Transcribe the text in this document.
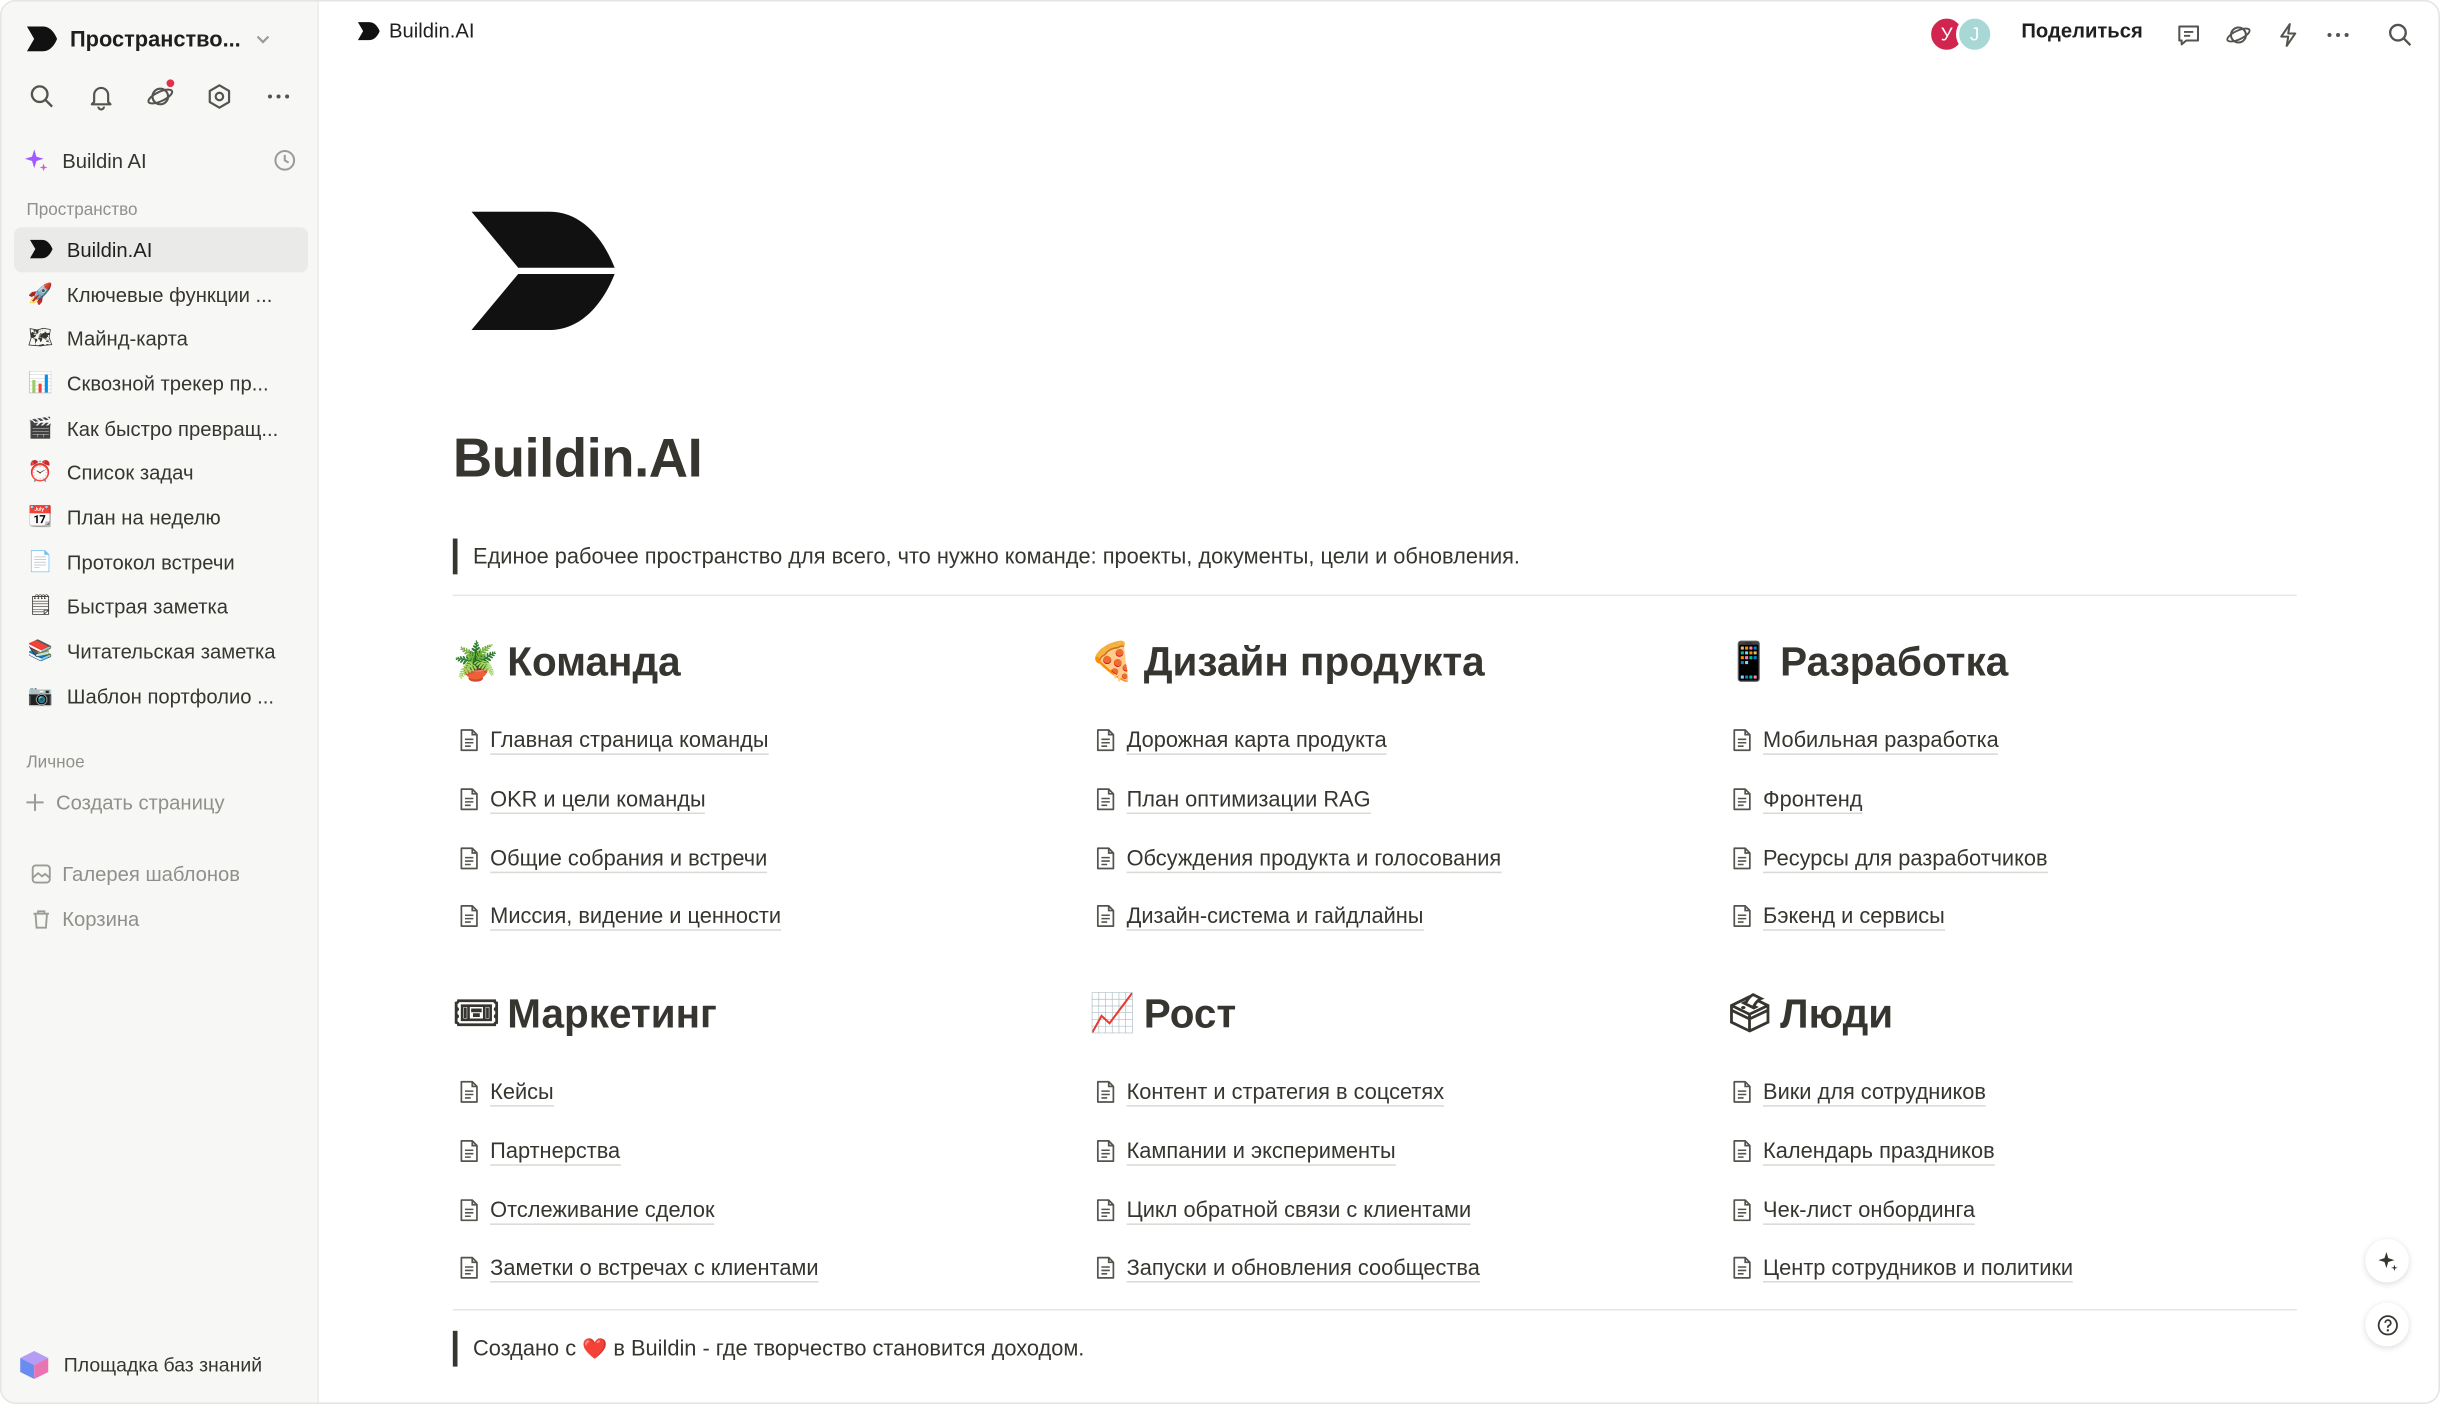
Пространство...
Buildin AI
Пространство
Buildin.AI
🚀 Ключевые функции ...
🗺 Майнд-карта
📊 Сквозной трекер пр...
🎬 Как быстро превращ...
⏰ Список задач
📆 План на неделю
📄 Протокол встречи
🗒 Быстрая заметка
📚 Читательская заметка
📷 Шаблон портфолио ...
Личное
Создать страницу
Галерея шаблонов
Корзина
Площадка баз знаний
Buildin.AI	У	J	Поделиться
Buildin.AI
Единое рабочее пространство для всего, что нужно команде: проекты, документы, цели и обновления.
🪴 Команда
Главная страница команды
OKR и цели команды
Общие собрания и встречи
Миссия, видение и ценности
🍕 Дизайн продукта
Дорожная карта продукта
План оптимизации RAG
Обсуждения продукта и голосования
Дизайн-система и гайдлайны
📱 Разработка
Мобильная разработка
Фронтенд
Ресурсы для разработчиков
Бэкенд и сервисы
🎟 Маркетинг
Кейсы
Партнерства
Отслеживание сделок
Заметки о встречах с клиентами
📈 Рост
Контент и стратегия в соцсетях
Кампании и эксперименты
Цикл обратной связи с клиентами
Запуски и обновления сообщества
🗳 Люди
Вики для сотрудников
Календарь праздников
Чек-лист онбординга
Центр сотрудников и политики
Создано с ❤️ в Buildin - где творчество становится доходом.
